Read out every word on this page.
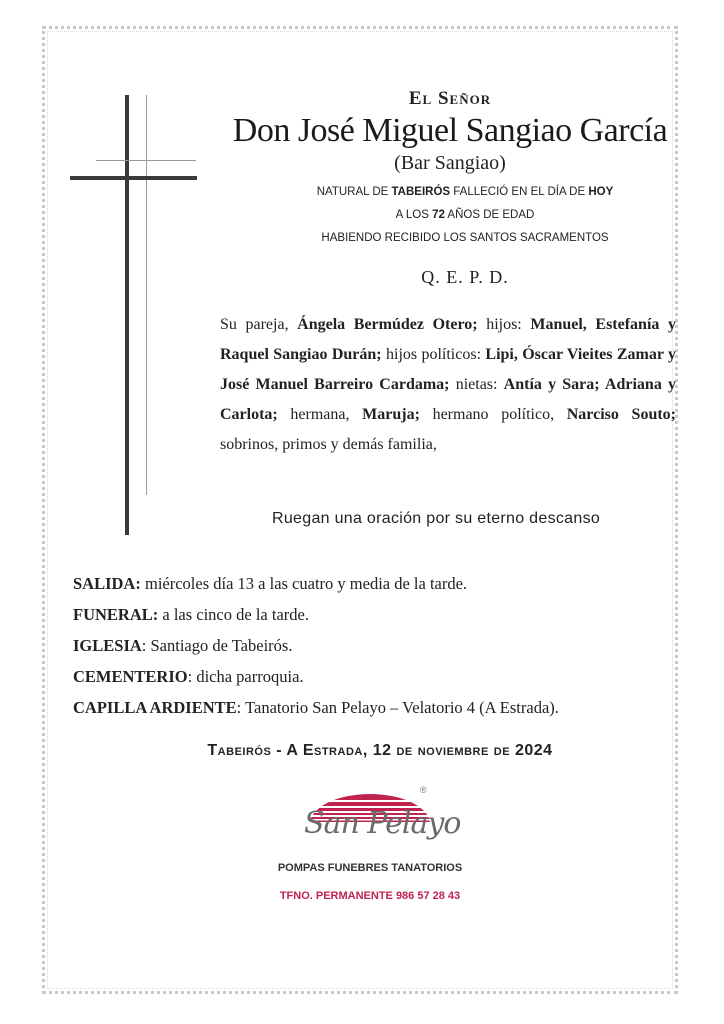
El Señor
Don José Miguel Sangiao García
(Bar Sangiao)
NATURAL DE TABEIRÓS FALLECIÓ EN EL DÍA DE HOY
A LOS 72 AÑOS DE EDAD
HABIENDO RECIBIDO LOS SANTOS SACRAMENTOS
Q. E. P. D.
Su pareja, Ángela Bermúdez Otero; hijos: Manuel, Estefanía y Raquel Sangiao Durán; hijos políticos: Lipi, Óscar Vieites Zamar y José Manuel Barreiro Cardama; nietas: Antía y Sara; Adriana y Carlota; hermana, Maruja; hermano político, Narciso Souto; sobrinos, primos y demás familia,
Ruegan una oración por su eterno descanso
SALIDA: miércoles día 13 a las cuatro y media de la tarde.
FUNERAL: a las cinco de la tarde.
IGLESIA: Santiago de Tabeirós.
CEMENTERIO: dicha parroquia.
CAPILLA ARDIENTE: Tanatorio San Pelayo – Velatorio 4 (A Estrada).
Tabeirós - A Estrada, 12 de noviembre de 2024
San Pelayo
®
POMPAS FUNEBRES TANATORIOS
TFNO. PERMANENTE 986 57 28 43
